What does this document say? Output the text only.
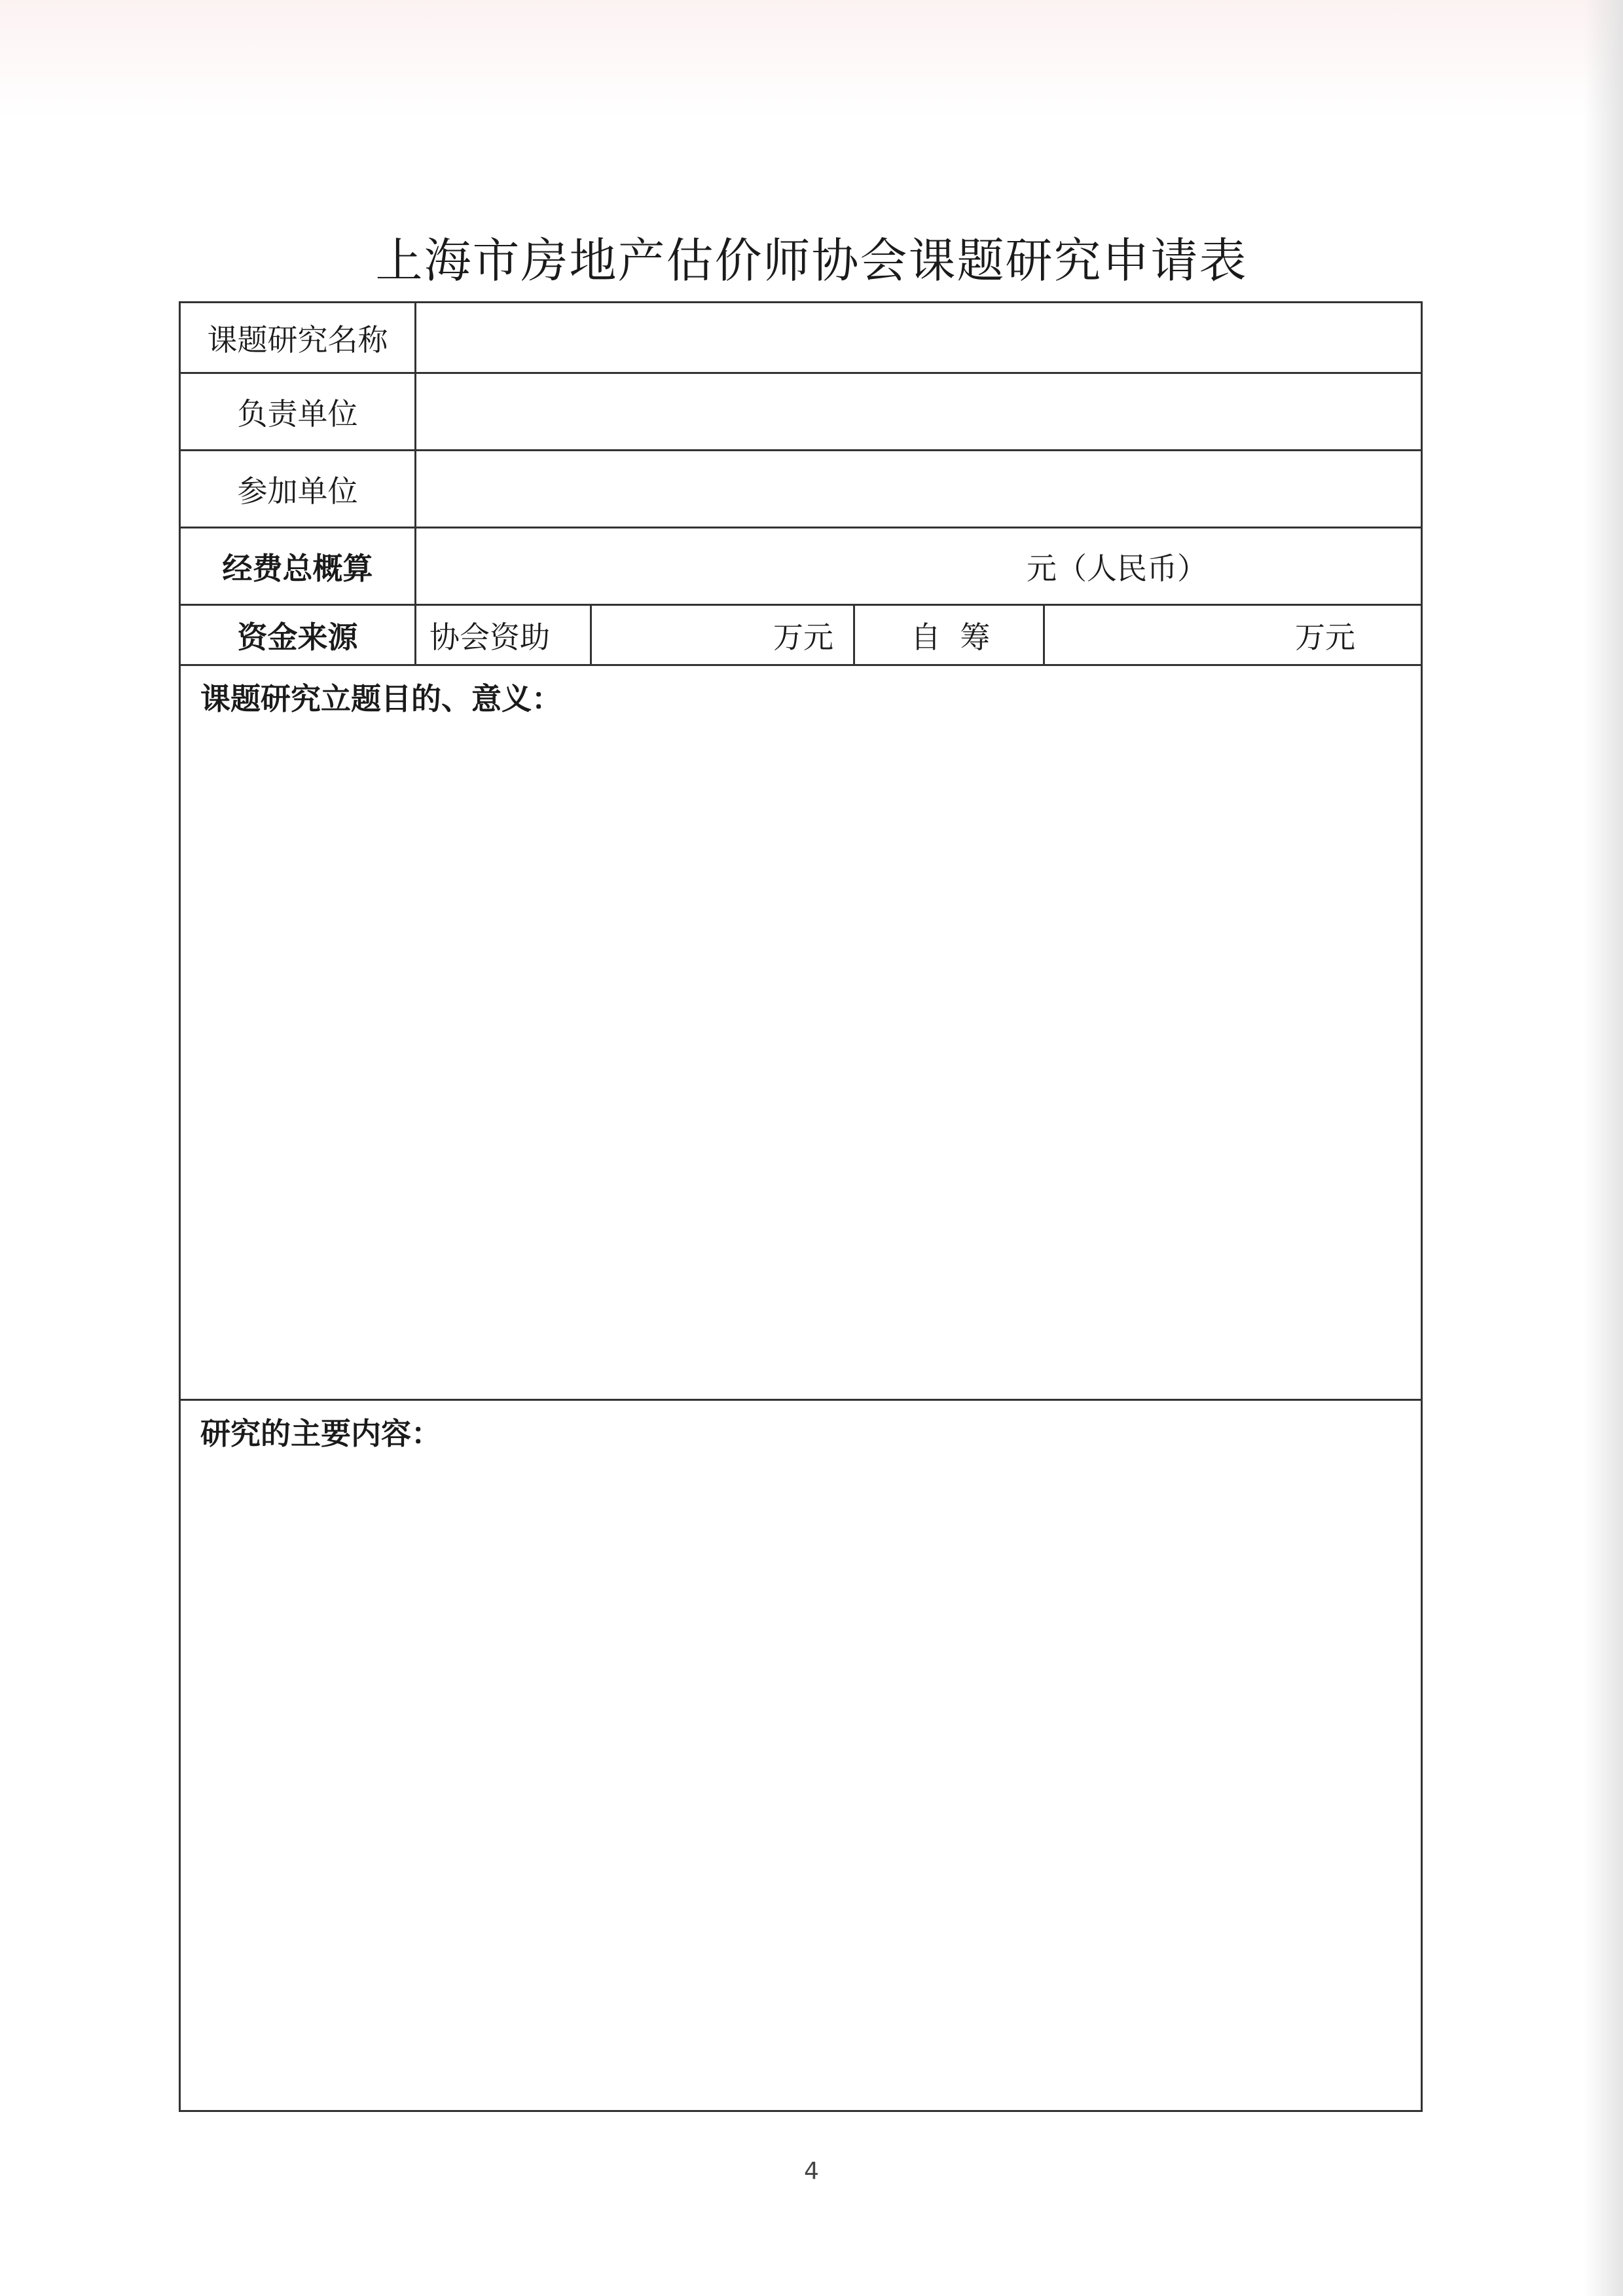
上海市房地产估价师协会课题研究申请表
课题研究名称
负责单位
参加单位
经费总概算	元（人民币）
资金来源	协会资助	万元	自  筹	万元
课题研究立题目的、意义：
研究的主要内容：
4
